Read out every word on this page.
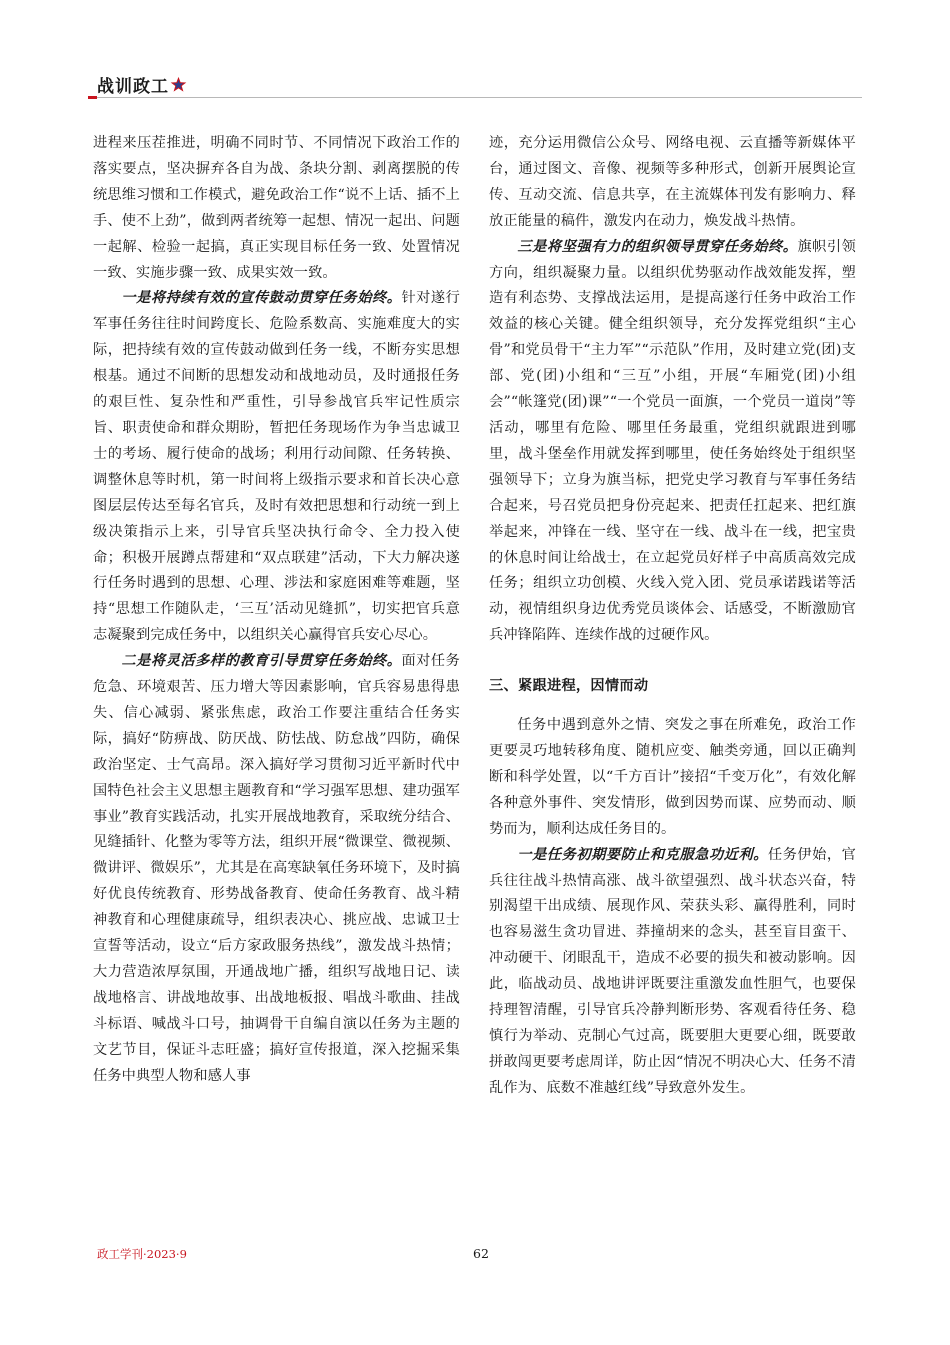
战训政工

进程来压茬推进，明确不同时节、不同情况下政治工作的落实要点，坚决摒弃各自为战、条块分割、剥离摆脱的传统思维习惯和工作模式，避免政治工作“说不上话、插不上手、使不上劲”，做到两者统筹一起想、情况一起出、问题一起解、检验一起搞，真正实现目标任务一致、处置情况一致、实施步骤一致、成果实效一致。

一是将持续有效的宣传鼓动贯穿任务始终。针对遂行军事任务往往时间跨度长、危险系数高、实施难度大的实际，把持续有效的宣传鼓动做到任务一线，不断夯实思想根基。通过不间断的思想发动和战地动员，及时通报任务的艰巨性、复杂性和严重性，引导参战官兵牢记性质宗旨、职责使命和群众期盼，暂把任务现场作为争当忠诚卫士的考场、履行使命的战场；利用行动间隙、任务转换、调整休息等时机，第一时间将上级指示要求和首长决心意图层层传达至每名官兵，及时有效把思想和行动统一到上级决策指示上来，引导官兵坚决执行命令、全力投入使命；积极开展蹲点帮建和“双点联建”活动，下大力解决遂行任务时遇到的思想、心理、涉法和家庭困难等难题，坚持“思想工作随队走，‘三互’活动见缝抓”，切实把官兵意志凝聚到完成任务中，以组织关心赢得官兵安心尽心。

二是将灵活多样的教育引导贯穿任务始终。面对任务危急、环境艰苦、压力增大等因素影响，官兵容易患得患失、信心减弱、紧张焦虑，政治工作要注重结合任务实际，搞好“防痹战、防厌战、防怯战、防怠战”四防，确保政治坚定、士气高昂。深入搞好学习贯彻习近平新时代中国特色社会主义思想主题教育和“学习强军思想、建功强军事业”教育实践活动，扎实开展战地教育，采取统分结合、见缝插针、化整为零等方法，组织开展“微课堂、微视频、微讲评、微娱乐”，尤其是在高寒缺氧任务环境下，及时搞好优良传统教育、形势战备教育、使命任务教育、战斗精神教育和心理健康疏导，组织表决心、挑应战、忠诚卫士宣誓等活动，设立“后方家政服务热线”，激发战斗热情；大力营造浓厚氛围，开通战地广播，组织写战地日记、读战地格言、讲战地故事、出战地板报、唱战斗歌曲、挂战斗标语、喊战斗口号，抽调骨干自编自演以任务为主题的文艺节目，保证斗志旺盛；搞好宣传报道，深入挖掘采集任务中典型人物和感人事

迹，充分运用微信公众号、网络电视、云直播等新媒体平台，通过图文、音像、视频等多种形式，创新开展舆论宣传、互动交流、信息共享，在主流媒体刊发有影响力、释放正能量的稿件，激发内在动力，焕发战斗热情。

三是将坚强有力的组织领导贯穿任务始终。旗帜引领方向，组织凝聚力量。以组织优势驱动作战效能发挥，塑造有利态势、支撑战法运用，是提高遂行任务中政治工作效益的核心关键。健全组织领导，充分发挥党组织“主心骨”和党员骨干“主力军”“示范队”作用，及时建立党(团)支部、党(团)小组和“三互”小组，开展“车厢党(团)小组会”“帐篷党(团)课”“一个党员一面旗，一个党员一道岗”等活动，哪里有危险、哪里任务最重，党组织就跟进到哪里，战斗堡垒作用就发挥到哪里，使任务始终处于组织坚强领导下；立身为旗当标，把党史学习教育与军事任务结合起来，号召党员把身份亮起来、把责任扛起来、把红旗举起来，冲锋在一线、坚守在一线、战斗在一线，把宝贵的休息时间让给战士，在立起党员好样子中高质高效完成任务；组织立功创模、火线入党入团、党员承诺践诺等活动，视情组织身边优秀党员谈体会、话感受，不断激励官兵冲锋陷阵、连续作战的过硬作风。

三、紧跟进程，因情而动

任务中遇到意外之情、突发之事在所难免，政治工作更要灵巧地转移角度、随机应变、触类旁通，回以正确判断和科学处置，以“千方百计”接招“千变万化”，有效化解各种意外事件、突发情形，做到因势而谋、应势而动、顺势而为，顺利达成任务目的。

一是任务初期要防止和克服急功近利。任务伊始，官兵往往战斗热情高涨、战斗欲望强烈、战斗状态兴奋，特别渴望干出成绩、展现作风、荣获头彩、赢得胜利，同时也容易滋生贪功冒进、莽撞胡来的念头，甚至盲目蛮干、冲动硬干、闭眼乱干，造成不必要的损失和被动影响。因此，临战动员、战地讲评既要注重激发血性胆气，也要保持理智清醒，引导官兵冷静判断形势、客观看待任务、稳慎行为举动、克制心气过高，既要胆大更要心细，既要敢拼敢闯更要考虑周详，防止因“情况不明决心大、任务不清乱作为、底数不准越红线”导致意外发生。

政工学刊·2023·9	62
